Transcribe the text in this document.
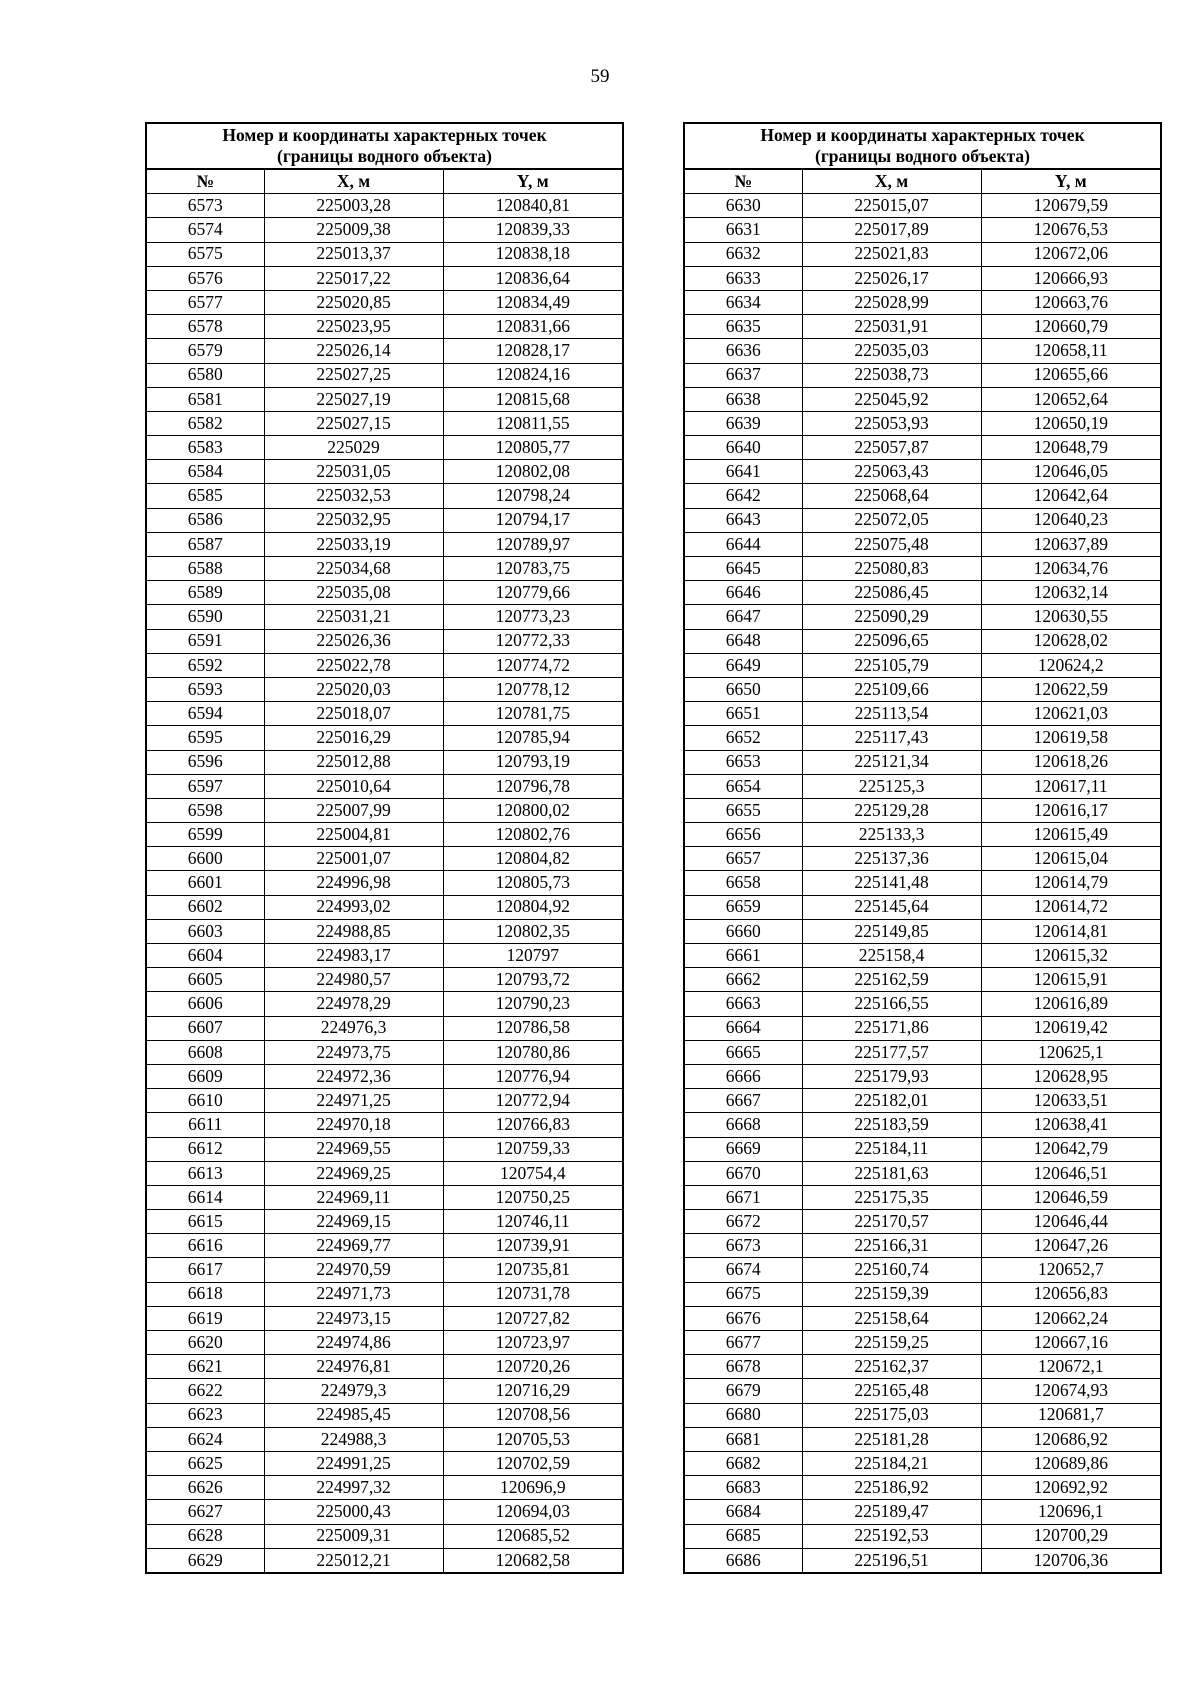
59
Номер и координаты характерных точек
(границы водного объекта)		
№	X, м	Y, м
6573	225003,28	120840,81
6574	225009,38	120839,33
6575	225013,37	120838,18
6576	225017,22	120836,64
6577	225020,85	120834,49
6578	225023,95	120831,66
6579	225026,14	120828,17
6580	225027,25	120824,16
6581	225027,19	120815,68
6582	225027,15	120811,55
6583	225029	120805,77
6584	225031,05	120802,08
6585	225032,53	120798,24
6586	225032,95	120794,17
6587	225033,19	120789,97
6588	225034,68	120783,75
6589	225035,08	120779,66
6590	225031,21	120773,23
6591	225026,36	120772,33
6592	225022,78	120774,72
6593	225020,03	120778,12
6594	225018,07	120781,75
6595	225016,29	120785,94
6596	225012,88	120793,19
6597	225010,64	120796,78
6598	225007,99	120800,02
6599	225004,81	120802,76
6600	225001,07	120804,82
6601	224996,98	120805,73
6602	224993,02	120804,92
6603	224988,85	120802,35
6604	224983,17	120797
6605	224980,57	120793,72
6606	224978,29	120790,23
6607	224976,3	120786,58
6608	224973,75	120780,86
6609	224972,36	120776,94
6610	224971,25	120772,94
6611	224970,18	120766,83
6612	224969,55	120759,33
6613	224969,25	120754,4
6614	224969,11	120750,25
6615	224969,15	120746,11
6616	224969,77	120739,91
6617	224970,59	120735,81
6618	224971,73	120731,78
6619	224973,15	120727,82
6620	224974,86	120723,97
6621	224976,81	120720,26
6622	224979,3	120716,29
6623	224985,45	120708,56
6624	224988,3	120705,53
6625	224991,25	120702,59
6626	224997,32	120696,9
6627	225000,43	120694,03
6628	225009,31	120685,52
6629	225012,21	120682,58
Номер и координаты характерных точек
(границы водного объекта)		
№	X, м	Y, м
6630	225015,07	120679,59
6631	225017,89	120676,53
6632	225021,83	120672,06
6633	225026,17	120666,93
6634	225028,99	120663,76
6635	225031,91	120660,79
6636	225035,03	120658,11
6637	225038,73	120655,66
6638	225045,92	120652,64
6639	225053,93	120650,19
6640	225057,87	120648,79
6641	225063,43	120646,05
6642	225068,64	120642,64
6643	225072,05	120640,23
6644	225075,48	120637,89
6645	225080,83	120634,76
6646	225086,45	120632,14
6647	225090,29	120630,55
6648	225096,65	120628,02
6649	225105,79	120624,2
6650	225109,66	120622,59
6651	225113,54	120621,03
6652	225117,43	120619,58
6653	225121,34	120618,26
6654	225125,3	120617,11
6655	225129,28	120616,17
6656	225133,3	120615,49
6657	225137,36	120615,04
6658	225141,48	120614,79
6659	225145,64	120614,72
6660	225149,85	120614,81
6661	225158,4	120615,32
6662	225162,59	120615,91
6663	225166,55	120616,89
6664	225171,86	120619,42
6665	225177,57	120625,1
6666	225179,93	120628,95
6667	225182,01	120633,51
6668	225183,59	120638,41
6669	225184,11	120642,79
6670	225181,63	120646,51
6671	225175,35	120646,59
6672	225170,57	120646,44
6673	225166,31	120647,26
6674	225160,74	120652,7
6675	225159,39	120656,83
6676	225158,64	120662,24
6677	225159,25	120667,16
6678	225162,37	120672,1
6679	225165,48	120674,93
6680	225175,03	120681,7
6681	225181,28	120686,92
6682	225184,21	120689,86
6683	225186,92	120692,92
6684	225189,47	120696,1
6685	225192,53	120700,29
6686	225196,51	120706,36
